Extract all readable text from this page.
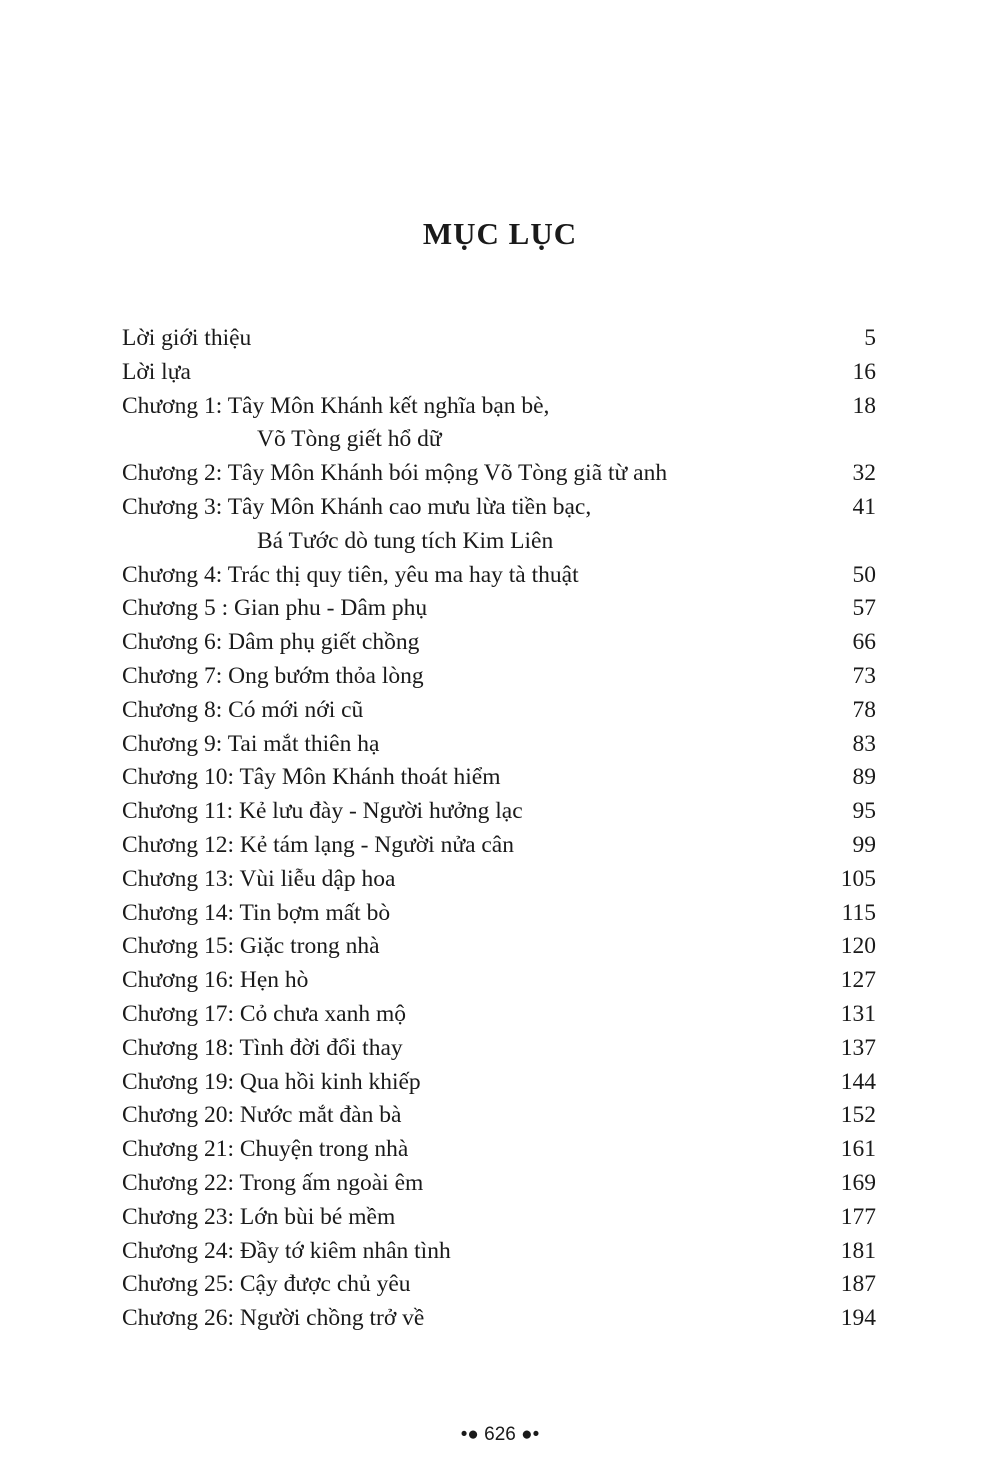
MỤC LỤC
Lời giới thiệu	5
Lời lựa	16
Chương 1: Tây Môn Khánh kết nghĩa bạn bè,	18
Võ Tòng giết hổ dữ
Chương 2: Tây Môn Khánh bói mộng Võ Tòng giã từ anh	32
Chương 3: Tây Môn Khánh cao mưu lừa tiền bạc,	41
Bá Tước dò tung tích Kim Liên
Chương 4: Trác thị quy tiên, yêu ma hay tà thuật	50
Chương 5 : Gian phu - Dâm phụ	57
Chương 6: Dâm phụ giết chồng	66
Chương 7: Ong bướm thỏa lòng	73
Chương 8: Có mới nới cũ	78
Chương 9: Tai mắt thiên hạ	83
Chương 10: Tây Môn Khánh thoát hiểm	89
Chương 11: Kẻ lưu đày - Người hưởng lạc	95
Chương 12: Kẻ tám lạng - Người nửa cân	99
Chương 13: Vùi liễu dập hoa	105
Chương 14: Tin bợm mất bò	115
Chương 15: Giặc trong nhà	120
Chương 16: Hẹn hò	127
Chương 17: Cỏ chưa xanh mộ	131
Chương 18: Tình đời đổi thay	137
Chương 19: Qua hồi kinh khiếp	144
Chương 20: Nước mắt đàn bà	152
Chương 21: Chuyện trong nhà	161
Chương 22: Trong ấm ngoài êm	169
Chương 23: Lớn bùi bé mềm	177
Chương 24: Đầy tớ kiêm nhân tình	181
Chương 25: Cậy được chủ yêu	187
Chương 26: Người chồng trở về	194
•● 626 ●•
